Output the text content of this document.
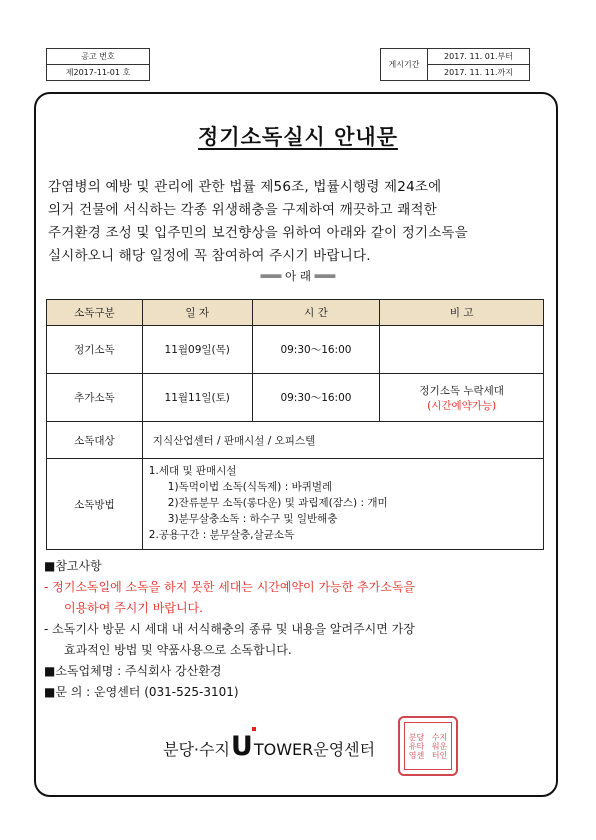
공고 번호
제2017-11-01 호
게시기간	2017. 11. 01.부터
2017. 11. 11.까지
정기소독실시 안내문
감염병의 예방 및 관리에 관한 법률 제56조, 법률시행령 제24조에
의거 건물에 서식하는 각종 위생해충을 구제하여 깨끗하고 쾌적한
주거환경 조성 및 입주민의 보건향상을 위하여 아래와 같이 정기소독을
실시하오니 해당 일정에 꼭 참여하여 주시기 바랍니다.
═══ 아 래 ═══
소독구분	일 자	시 간	비 고
정기소독	11월09일(목)	09:30～16:00	
추가소독	11월11일(토)	09:30～16:00	정기소독 누락세대
(시간예약가능)

소독대상	지식산업센터 / 판매시설 / 오피스텔		
소독방법	1.세대 및 판매시설
1)독먹이법 소독(식독제) : 바퀴벌레
2)잔류분무 소독(롱다운) 및 과립제(잠스) : 개미
3)분무살충소독 : 하수구 및 일반해충
2.공용구간 : 분무살충,살균소독		
■참고사항
- 정기소독일에 소독을 하지 못한 세대는 시간예약이 가능한 추가소독을
이용하여 주시기 바랍니다.
- 소독기사 방문 시 세대 내 서식해충의 종류 및 내용을 알려주시면 가장
효과적인 방법 및 약품사용으로 소독합니다.
■소독업체명 : 주식회사 강산환경
■문 의 : 운영센터 (031-525-3101)
분당·수지 U TOWER운영센터
분당 수지
유타 워운
영센 터인
